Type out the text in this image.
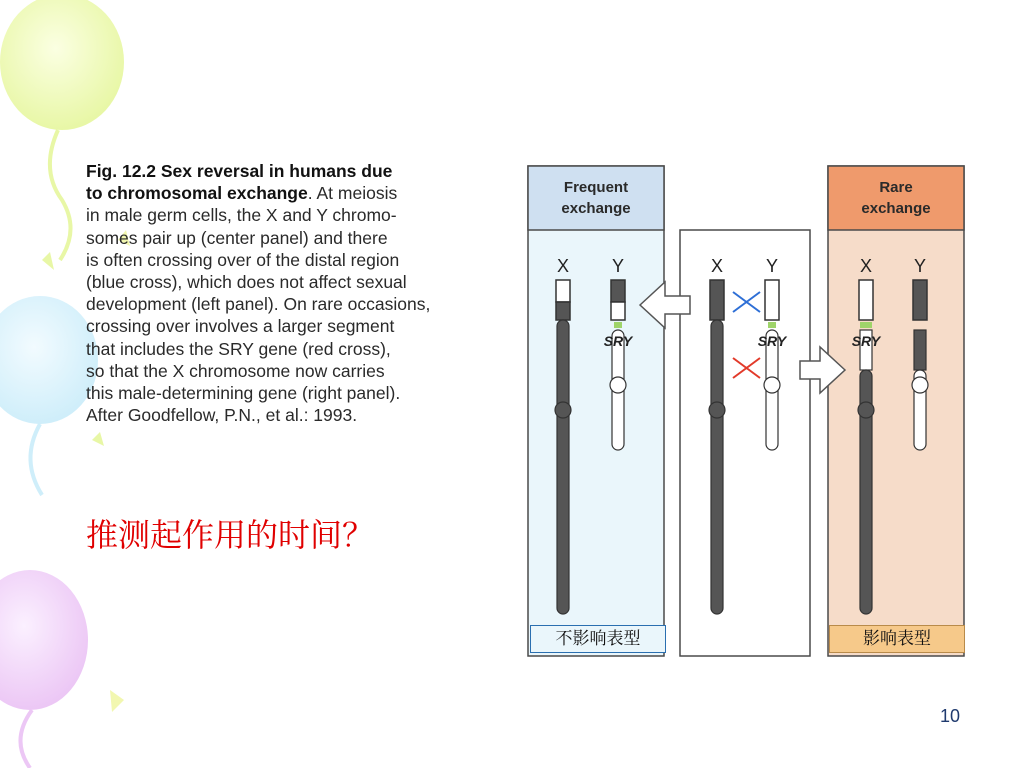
Fig. 12.2 Sex reversal in humans due
to chromosomal exchange. At meiosis
in male germ cells, the X and Y chromo-
somes pair up (center panel) and there
is often crossing over of the distal region
(blue cross), which does not affect sexual
development (left panel). On rare occasions,
crossing over involves a larger segment
that includes the SRY gene (red cross),
so that the X chromosome now carries
this male-determining gene (right panel).
After Goodfellow, P.N., et al.: 1993.
推测起作用的时间？
Frequent
exchange
Rare
exchange
X Y	X Y	X Y
SRY	SRY	SRY
不影响表型	影响表型
10
